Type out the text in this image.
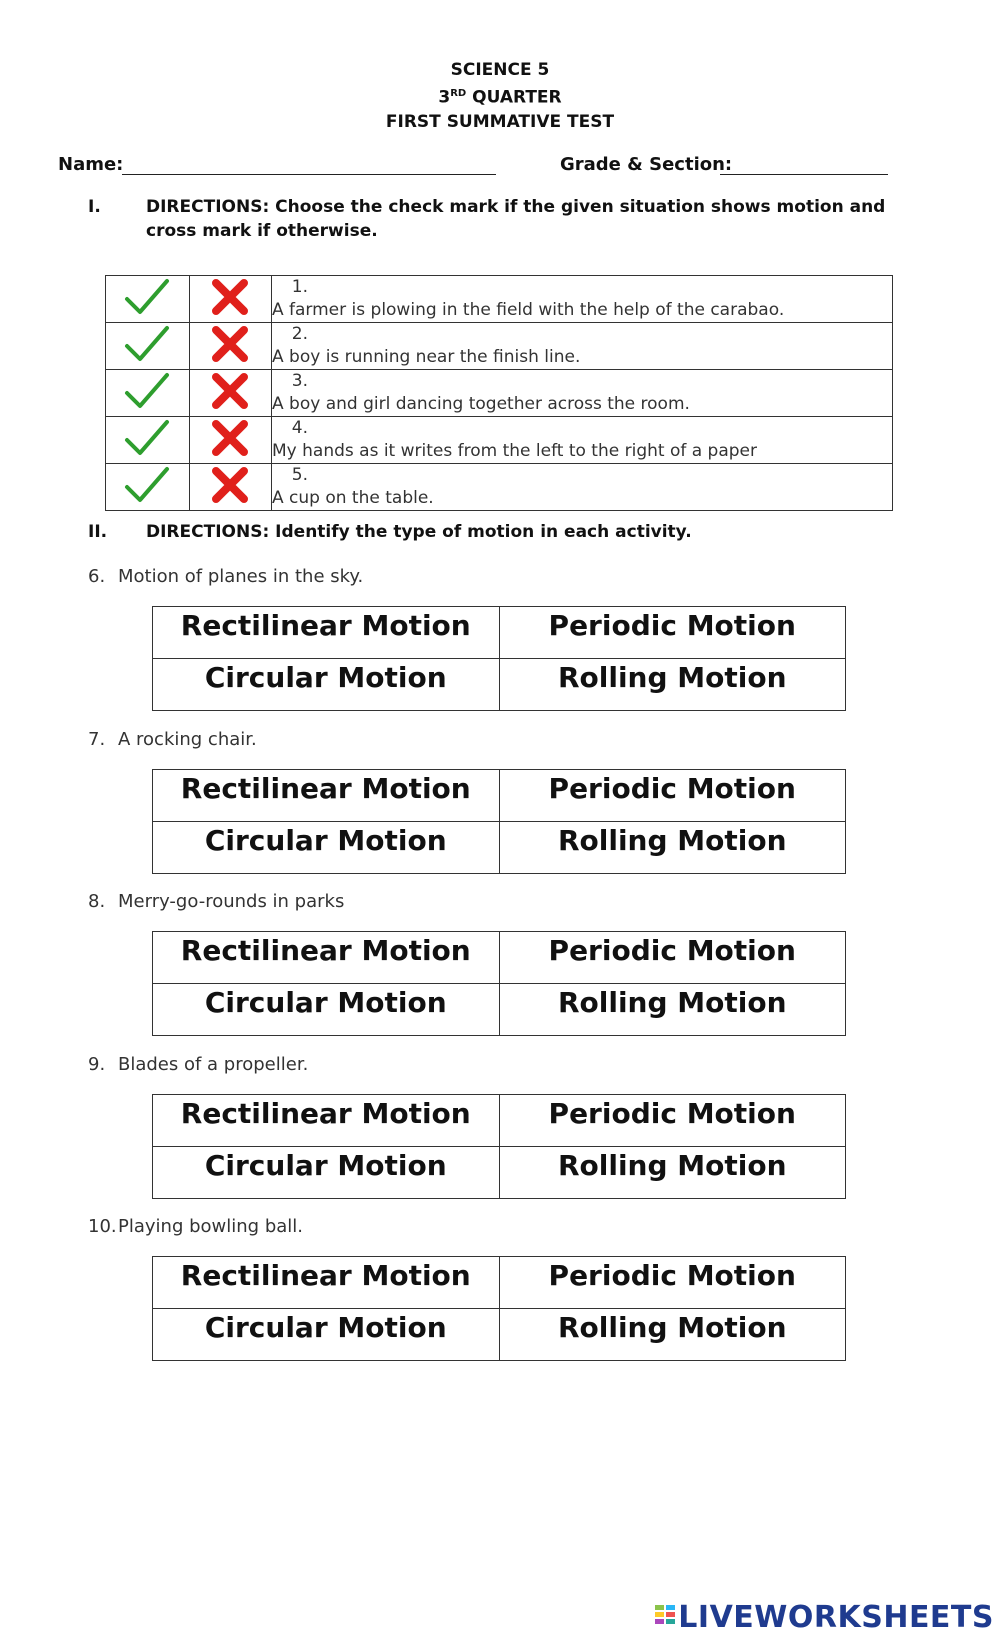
SCIENCE 5
3RD QUARTER
FIRST SUMMATIVE TEST
Name:	Grade & Section:
I.	DIRECTIONS: Choose the check mark if the given situation shows motion and cross mark if otherwise.
		1.A farmer is plowing in the field with the help of the carabao.
		2.A boy is running near the finish line.
		3.A boy and girl dancing together across the room.
		4.My hands as it writes from the left to the right of a paper
		5.A cup on the table.
II. DIRECTIONS: Identify the type of motion in each activity.
6. Motion of planes in the sky.
Rectilinear Motion	Periodic Motion
Circular Motion	Rolling Motion
7. A rocking chair.
Rectilinear Motion	Periodic Motion
Circular Motion	Rolling Motion
8. Merry-go-rounds in parks
Rectilinear Motion	Periodic Motion
Circular Motion	Rolling Motion
9. Blades of a propeller.
Rectilinear Motion	Periodic Motion
Circular Motion	Rolling Motion
10.Playing bowling ball.
Rectilinear Motion	Periodic Motion
Circular Motion	Rolling Motion
LIVEWORKSHEETS
